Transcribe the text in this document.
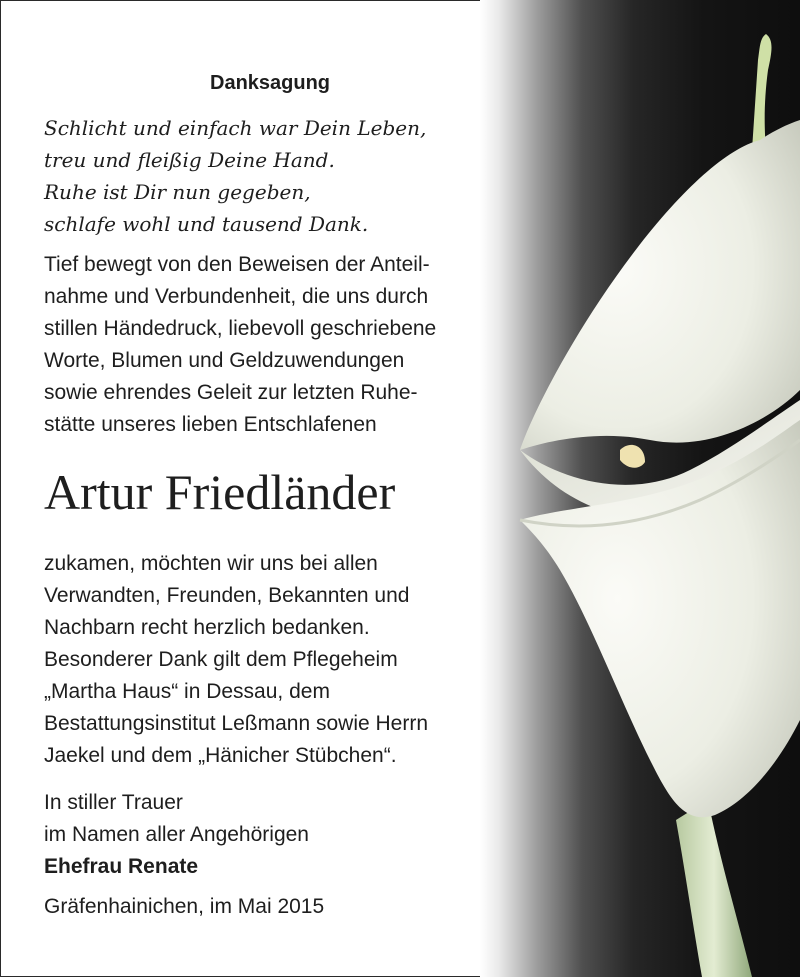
Danksagung
Schlicht und einfach war Dein Leben,
treu und fleißig Deine Hand.
Ruhe ist Dir nun gegeben,
schlafe wohl und tausend Dank.
Tief bewegt von den Beweisen der Anteil-
nahme und Verbundenheit, die uns durch
stillen Händedruck, liebevoll geschriebene
Worte, Blumen und Geldzuwendungen
sowie ehrendes Geleit zur letzten Ruhe-
stätte unseres lieben Entschlafenen
Artur Friedländer
zukamen, möchten wir uns bei allen
Verwandten, Freunden, Bekannten und
Nachbarn recht herzlich bedanken.
Besonderer Dank gilt dem Pflegeheim
„Martha Haus“ in Dessau, dem
Bestattungsinstitut Leßmann sowie Herrn
Jaekel und dem „Hänicher Stübchen“.
In stiller Trauer
im Namen aller Angehörigen
Ehefrau Renate
Gräfenhainichen, im Mai 2015
